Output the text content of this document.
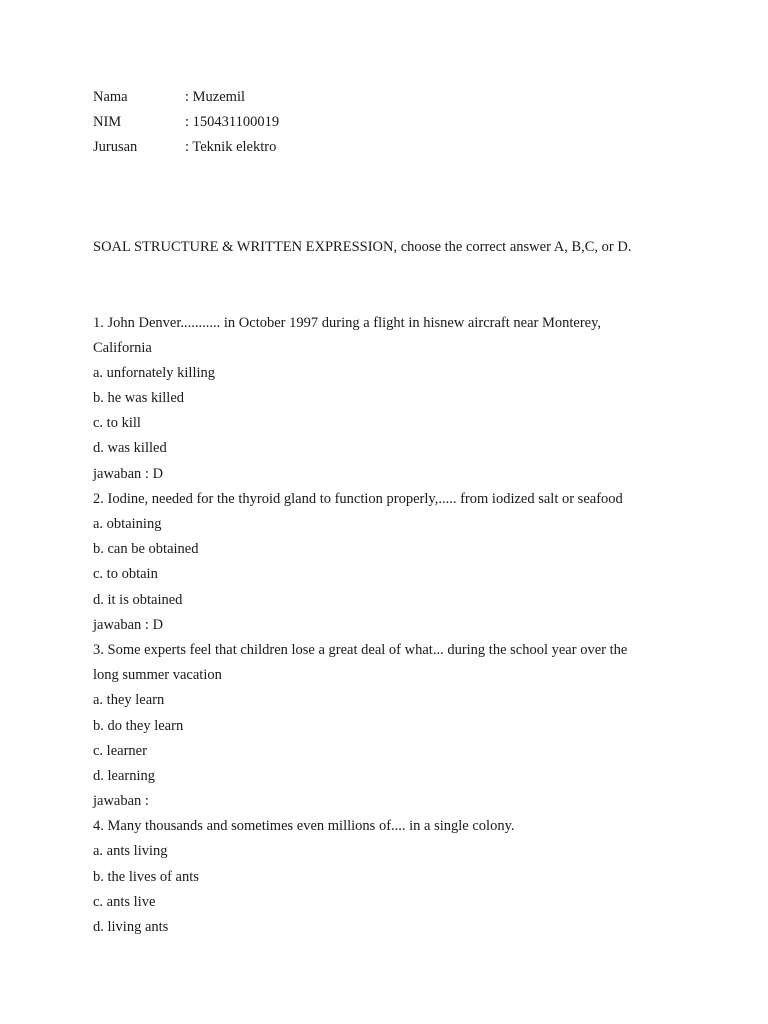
Nama	: Muzemil
NIM	: 150431100019
Jurusan	: Teknik elektro
SOAL STRUCTURE & WRITTEN EXPRESSION, choose the correct answer A, B,C, or D.
1. John Denver........... in October 1997 during a flight in hisnew aircraft near Monterey,
California
a. unfornately killing
b. he was killed
c. to kill
d. was killed
jawaban : D
2. Iodine, needed for the thyroid gland to function properly,..... from iodized salt or seafood
a. obtaining
b. can be obtained
c. to obtain
d. it is obtained
jawaban : D
3. Some experts feel that children lose a great deal of what... during the school year over the
long summer vacation
a. they learn
b. do they learn
c. learner
d. learning
jawaban :
4. Many thousands and sometimes even millions of.... in a single colony.
a. ants living
b. the lives of ants
c. ants live
d. living ants
